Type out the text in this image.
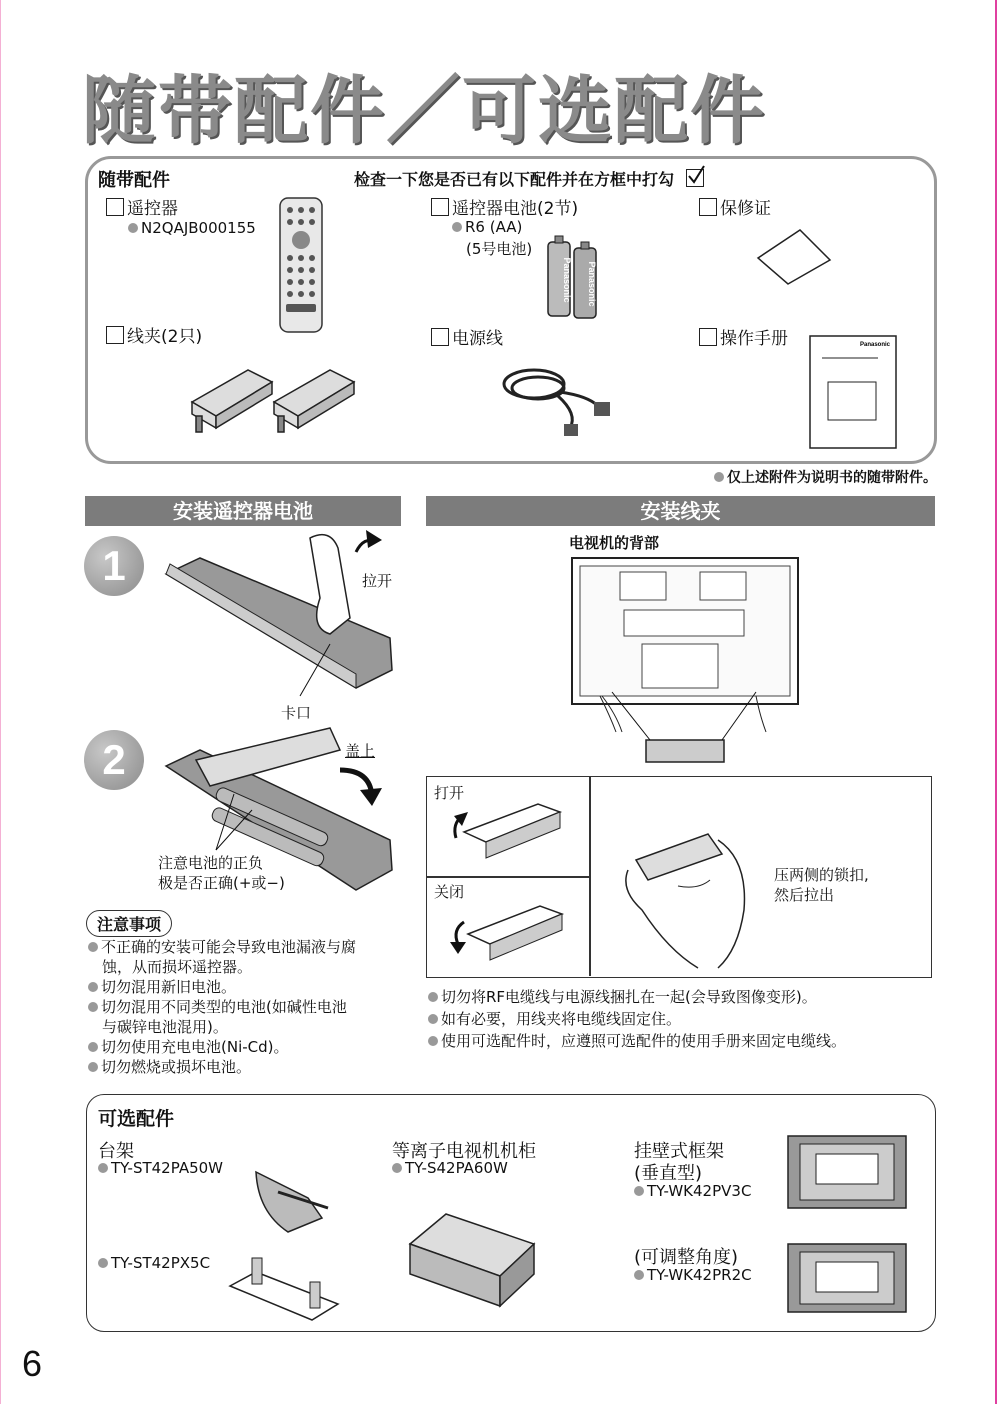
随带配件／可选配件
随带配件	检查一下您是否已有以下配件并在方框中打勾
遥控器
N2QAJB000155
遥控器电池(2节)
R6 (AA)
(5号电池)
Panasonic Panasonic
保修证
线夹(2只)	电源线	操作手册	Panasonic
仅上述附件为说明书的随带附件。
安装遥控器电池
1	拉开
卡口
2	盖上
注意电池的正负
极是否正确(+或−)
注意事项
不正确的安装可能会导致电池漏液与腐
蚀，从而损坏遥控器。
切勿混用新旧电池。
切勿混用不同类型的电池(如碱性电池
与碳锌电池混用)。
切勿使用充电电池(Ni-Cd)。
切勿燃烧或损坏电池。
安装线夹
电视机的背部
打开
关闭
压两侧的锁扣,
然后拉出
切勿将RF电缆线与电源线捆扎在一起(会导致图像变形)。
如有必要，用线夹将电缆线固定住。
使用可选配件时，应遵照可选配件的使用手册来固定电缆线。
可选配件
台架
TY-ST42PA50W
TY-ST42PX5C
等离子电视机机柜
TY-S42PA60W
挂壁式框架
(垂直型)
TY-WK42PV3C
(可调整角度)
TY-WK42PR2C
6
